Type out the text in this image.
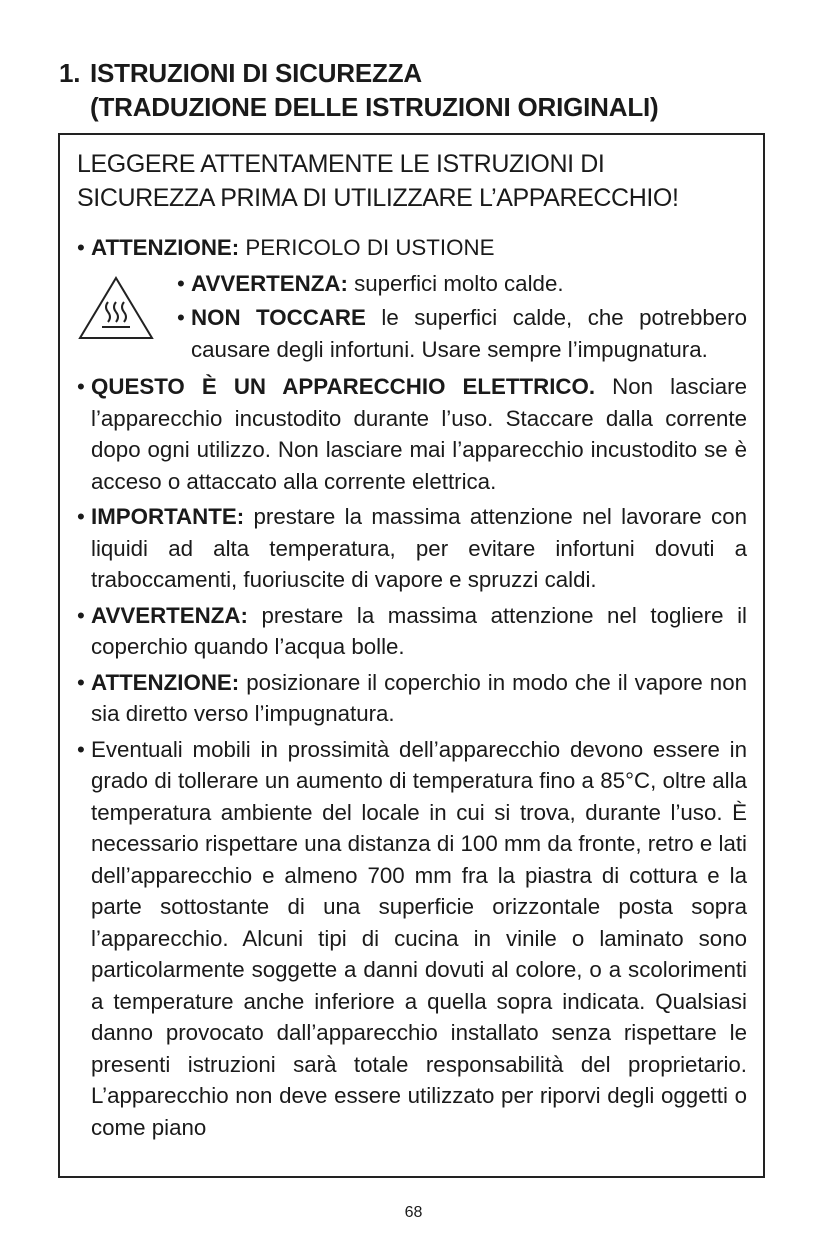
1. ISTRUZIONI DI SICUREZZA
(TRADUZIONE DELLE ISTRUZIONI ORIGINALI)
LEGGERE ATTENTAMENTE LE ISTRUZIONI DI SICUREZZA PRIMA DI UTILIZZARE L’APPARECCHIO!
• ATTENZIONE: PERICOLO DI USTIONE
• AVVERTENZA: superfici molto calde.
• NON TOCCARE le superfici calde, che potrebbero causare degli infortuni. Usare sempre l’impugnatura.
• QUESTO È UN APPARECCHIO ELETTRICO. Non lasciare l’apparecchio incustodito durante l’uso. Staccare dalla corrente dopo ogni utilizzo. Non lasciare mai l’apparecchio incustodito se è acceso o attaccato alla corrente elettrica.
• IMPORTANTE: prestare la massima attenzione nel lavorare con liquidi ad alta temperatura, per evitare infortuni dovuti a traboccamenti, fuoriuscite di vapore e spruzzi caldi.
• AVVERTENZA: prestare la massima attenzione nel togliere il coperchio quando l’acqua bolle.
• ATTENZIONE: posizionare il coperchio in modo che il vapore non sia diretto verso l’impugnatura.
• Eventuali mobili in prossimità dell’apparecchio devono essere in grado di tollerare un aumento di temperatura fino a 85°C, oltre alla temperatura ambiente del locale in cui si trova, durante l’uso. È necessario rispettare una distanza di 100 mm da fronte, retro e lati dell’apparecchio e almeno 700 mm fra la piastra di cottura e la parte sottostante di una superficie orizzontale posta sopra l’apparecchio. Alcuni tipi di cucina in vinile o laminato sono particolarmente soggette a danni dovuti al colore, o a scolorimenti a temperature anche inferiore a quella sopra indicata. Qualsiasi danno provocato dall’apparecchio installato senza rispettare le presenti istruzioni sarà totale responsabilità del proprietario. L’apparecchio non deve essere utilizzato per riporvi degli oggetti o come piano
68
